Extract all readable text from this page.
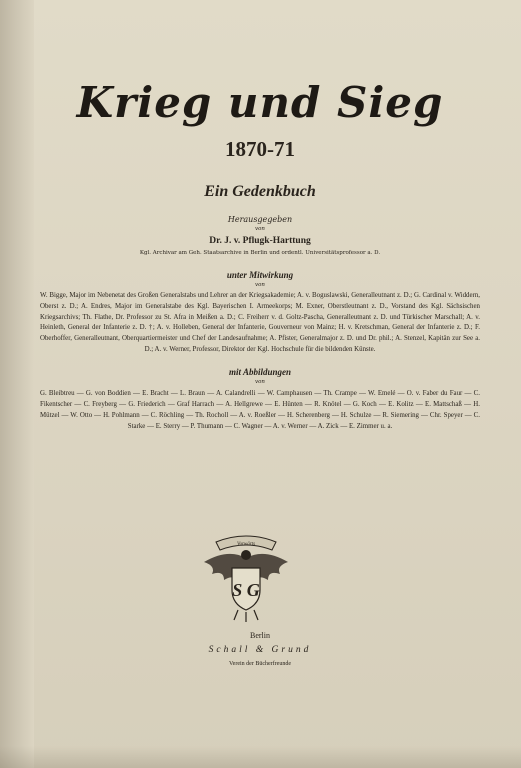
Krieg und Sieg
1870-71
Ein Gedenkbuch
Herausgegeben
von
Dr. J. v. Pflugk-Harttung
Kgl. Archivar am Geh. Staatsarchive in Berlin und ordentl. Universitätsprofessor a. D.
unter Mitwirkung
von

W. Bigge, Major im Nebenetat des Großen Generalstabs und Lehrer an der Kriegsakademie; A. v. Boguslawski, Generalleutnant z. D.; G. Cardinal v. Widdern, Oberst z. D.; A. Endres, Major im Generalstabe des Kgl. Bayerischen I. Armeekorps; M. Exner, Oberstleutnant z. D., Vorstand des Kgl. Sächsischen Kriegsarchivs; Th. Flathe, Dr. Professor zu St. Afra in Meißen a. D.; C. Freiherr v. d. Goltz-Pascha, Generalleutnant z. D. und Türkischer Marschall; A. v. Heinleth, General der Infanterie z. D. †; A. v. Holleben, General der Infanterie, Gouverneur von Mainz; H. v. Kretschman, General der Infanterie z. D.; F. Oberhoffer, Generalleutnant, Oberquartiermeister und Chef der Landesaufnahme; A. Pfister, Generalmajor z. D. und Dr. phil.; A. Stenzel, Kapitän zur See a. D.; A. v. Werner, Professor, Direktor der Kgl. Hochschule für die bildenden Künste.

mit Abbildungen
von

G. Bleibtreu — G. von Boddien — E. Bracht — L. Braun — A. Calandrelli — W. Camphausen — Th. Crampe — W. Emelé — O. v. Faber du Faur — C. Fikentscher — C. Freyberg — G. Friederich — Graf Harrach — A. Hellgrewe — E. Hünten — R. Knötel — G. Koch — E. Kolitz — E. Mattschaß — H. Mützel — W. Otto — H. Pohlmann — C. Röchling — Th. Rocholl — A. v. Roeßler — H. Scherenberg — H. Schulze — R. Siemering — Chr. Speyer — C. Starke — E. Sterry — P. Thumann — C. Wagner — A. v. Werner — A. Zick — E. Zimmer u. a.

Vorwärts
S G
Berlin
Schall & Grund
Verein der Bücherfreunde
